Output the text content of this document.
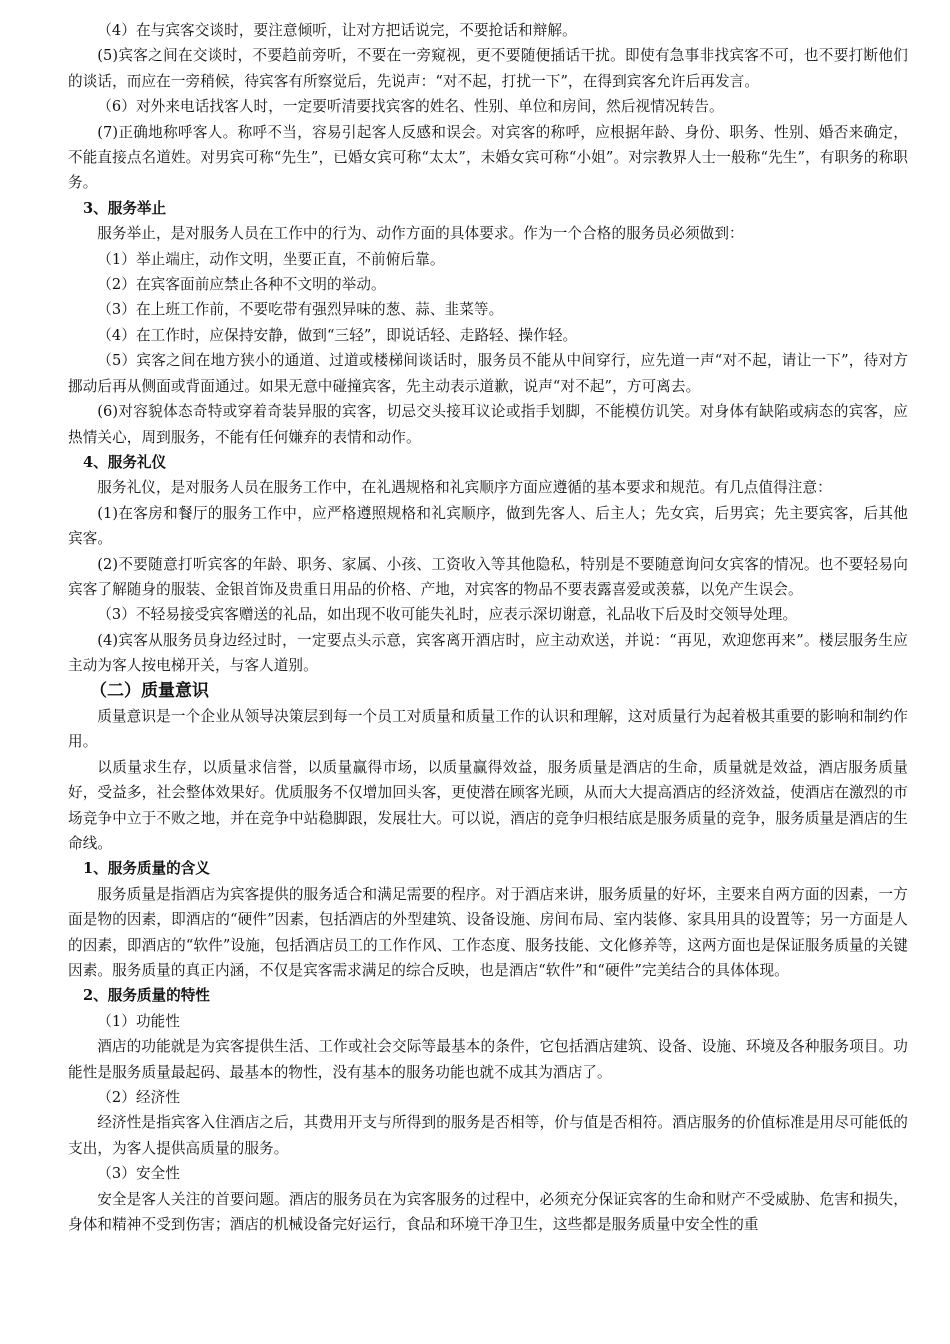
（4）在与宾客交谈时，要注意倾听，让对方把话说完，不要抢话和辩解。

(5)宾客之间在交谈时，不要趋前旁听，不要在一旁窥视，更不要随便插话干扰。即使有急事非找宾客不可，也不要打断他们的谈话，而应在一旁稍候，待宾客有所察觉后，先说声：“对不起，打扰一下”，在得到宾客允许后再发言。

（6）对外来电话找客人时，一定要听清要找宾客的姓名、性别、单位和房间，然后视情况转告。

(7)正确地称呼客人。称呼不当，容易引起客人反感和误会。对宾客的称呼，应根据年龄、身份、职务、性别、婚否来确定，不能直接点名道姓。对男宾可称“先生”，已婚女宾可称“太太”，未婚女宾可称“小姐”。对宗教界人士一般称“先生”，有职务的称职务。

3、服务举止

服务举止，是对服务人员在工作中的行为、动作方面的具体要求。作为一个合格的服务员必须做到：

（1）举止端庄，动作文明，坐要正直，不前俯后靠。

（2）在宾客面前应禁止各种不文明的举动。

（3）在上班工作前，不要吃带有强烈异味的葱、蒜、韭菜等。

（4）在工作时，应保持安静，做到“三轻”，即说话轻、走路轻、操作轻。

（5）宾客之间在地方狭小的通道、过道或楼梯间谈话时，服务员不能从中间穿行，应先道一声“对不起，请让一下”，待对方挪动后再从侧面或背面通过。如果无意中碰撞宾客，先主动表示道歉，说声“对不起”，方可离去。

(6)对容貌体态奇特或穿着奇装异服的宾客，切忌交头接耳议论或指手划脚，不能模仿讥笑。对身体有缺陷或病态的宾客，应热情关心，周到服务，不能有任何嫌弃的表情和动作。

4、服务礼仪

服务礼仪，是对服务人员在服务工作中，在礼遇规格和礼宾顺序方面应遵循的基本要求和规范。有几点值得注意：

(1)在客房和餐厅的服务工作中，应严格遵照规格和礼宾顺序，做到先客人、后主人；先女宾，后男宾；先主要宾客，后其他宾客。

(2)不要随意打听宾客的年龄、职务、家属、小孩、工资收入等其他隐私，特别是不要随意询问女宾客的情况。也不要轻易向宾客了解随身的服装、金银首饰及贵重日用品的价格、产地，对宾客的物品不要表露喜爱或羡慕，以免产生误会。

（3）不轻易接受宾客赠送的礼品，如出现不收可能失礼时，应表示深切谢意，礼品收下后及时交领导处理。

(4)宾客从服务员身边经过时，一定要点头示意，宾客离开酒店时，应主动欢送，并说：“再见，欢迎您再来”。楼层服务生应主动为客人按电梯开关，与客人道别。

（二）质量意识

质量意识是一个企业从领导决策层到每一个员工对质量和质量工作的认识和理解，这对质量行为起着极其重要的影响和制约作用。

以质量求生存，以质量求信誉，以质量赢得市场，以质量赢得效益，服务质量是酒店的生命，质量就是效益，酒店服务质量好，受益多，社会整体效果好。优质服务不仅增加回头客，更使潜在顾客光顾，从而大大提高酒店的经济效益，使酒店在激烈的市场竞争中立于不败之地，并在竞争中站稳脚跟，发展壮大。可以说，酒店的竞争归根结底是服务质量的竞争，服务质量是酒店的生命线。

1、服务质量的含义

服务质量是指酒店为宾客提供的服务适合和满足需要的程序。对于酒店来讲，服务质量的好坏，主要来自两方面的因素，一方面是物的因素，即酒店的“硬件”因素，包括酒店的外型建筑、设备设施、房间布局、室内装修、家具用具的设置等；另一方面是人的因素，即酒店的“软件”设施，包括酒店员工的工作作风、工作态度、服务技能、文化修养等，这两方面也是保证服务质量的关键因素。服务质量的真正内涵，不仅是宾客需求满足的综合反映，也是酒店“软件”和“硬件”完美结合的具体体现。

2、服务质量的特性

（1）功能性

酒店的功能就是为宾客提供生活、工作或社会交际等最基本的条件，它包括酒店建筑、设备、设施、环境及各种服务项目。功能性是服务质量最起码、最基本的物性，没有基本的服务功能也就不成其为酒店了。

（2）经济性

经济性是指宾客入住酒店之后，其费用开支与所得到的服务是否相等，价与值是否相符。酒店服务的价值标准是用尽可能低的支出，为客人提供高质量的服务。

（3）安全性

安全是客人关注的首要问题。酒店的服务员在为宾客服务的过程中，必须充分保证宾客的生命和财产不受威胁、危害和损失，身体和精神不受到伤害；酒店的机械设备完好运行，食品和环境干净卫生，这些都是服务质量中安全性的重
